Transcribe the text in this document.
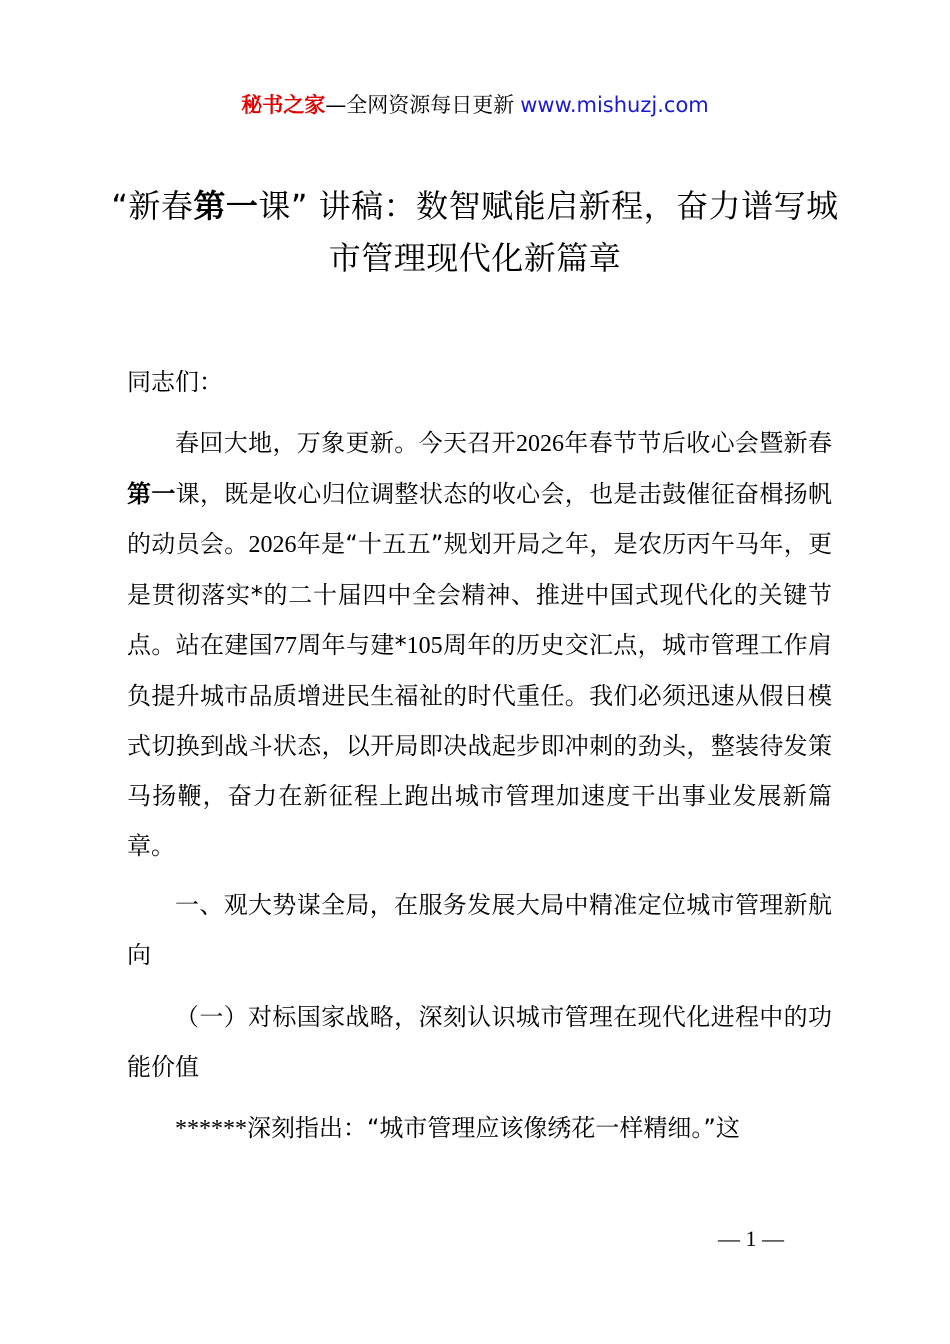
秘书之家—全网资源每日更新 www.mishuzj.com
“新春第一课” 讲稿：数智赋能启新程，奋力谱写城市管理现代化新篇章
同志们：
春回大地，万象更新。今天召开2026年春节节后收心会暨新春第一课，既是收心归位调整状态的收心会，也是击鼓催征奋楫扬帆的动员会。2026年是“十五五”规划开局之年，是农历丙午马年，更是贯彻落实*的二十届四中全会精神、推进中国式现代化的关键节点。站在建国77周年与建*105周年的历史交汇点，城市管理工作肩负提升城市品质增进民生福祉的时代重任。我们必须迅速从假日模式切换到战斗状态，以开局即决战起步即冲刺的劲头，整装待发策马扬鞭，奋力在新征程上跑出城市管理加速度干出事业发展新篇章。
一、观大势谋全局，在服务发展大局中精准定位城市管理新航向
（一）对标国家战略，深刻认识城市管理在现代化进程中的功能价值
******深刻指出：“城市管理应该像绣花一样精细。”这
— 1 —
